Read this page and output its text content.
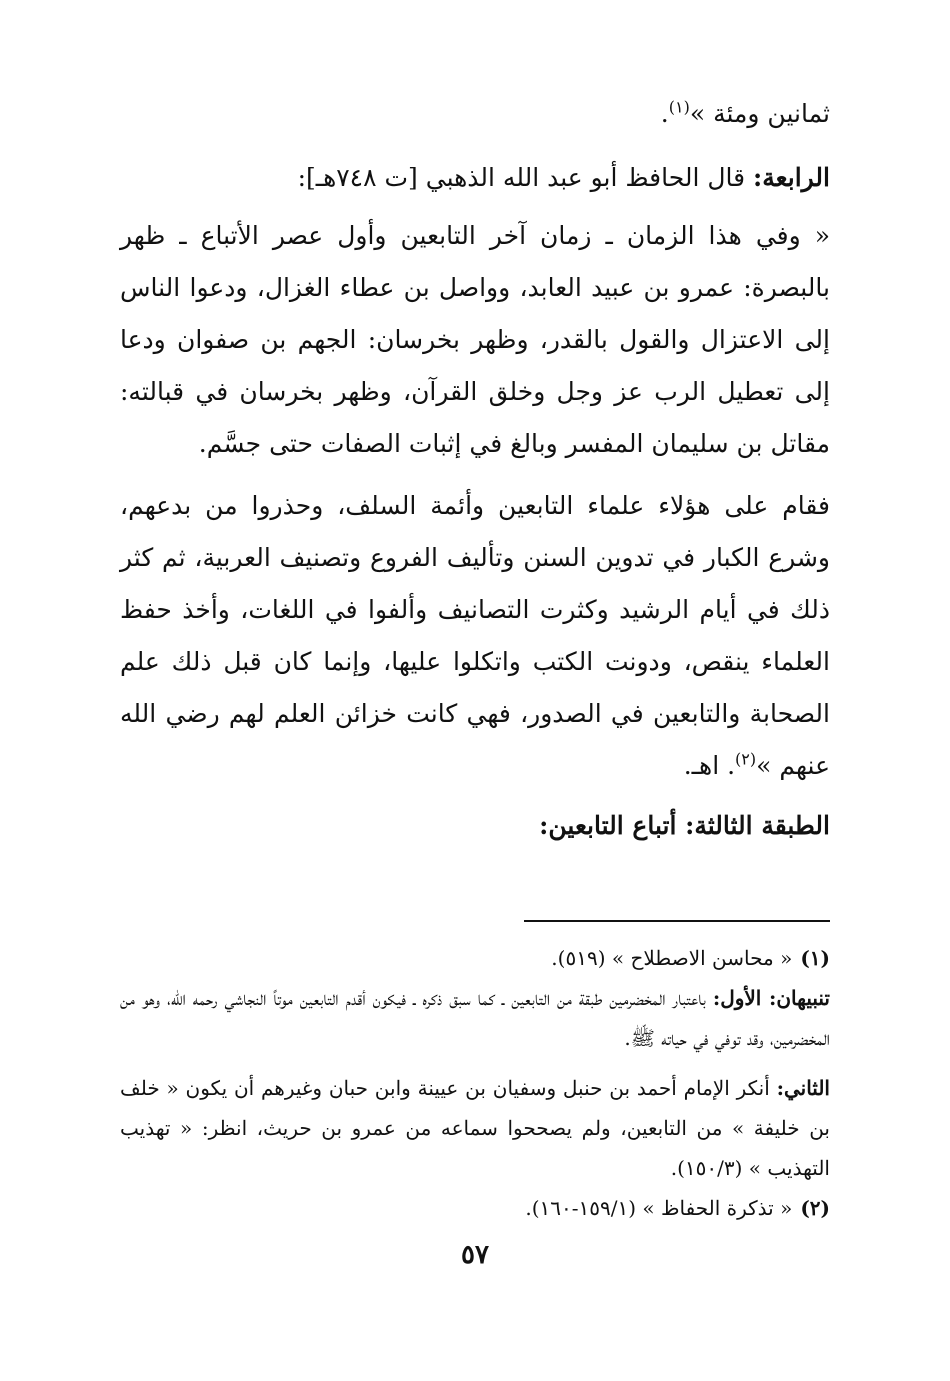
ثمانين ومئة »$^{(١)}$.

الرابعة: قال الحافظ أبو عبد الله الذهبي [ت ٧٤٨هـ]:

« وفي هذا الزمان ـ زمان آخر التابعين وأول عصر الأتباع ـ ظهر بالبصرة: عمرو بن عبيد العابد، وواصل بن عطاء الغزال، ودعوا الناس إلى الاعتزال والقول بالقدر، وظهر بخرسان: الجهم بن صفوان ودعا إلى تعطيل الرب عز وجل وخلق القرآن، وظهر بخرسان في قبالته: مقاتل بن سليمان المفسر وبالغ في إثبات الصفات حتى جسَّم.

فقام على هؤلاء علماء التابعين وأئمة السلف، وحذروا من بدعهم، وشرع الكبار في تدوين السنن وتأليف الفروع وتصنيف العربية، ثم كثر ذلك في أيام الرشيد وكثرت التصانيف وألفوا في اللغات، وأخذ حفظ العلماء ينقص، ودونت الكتب واتكلوا عليها، وإنما كان قبل ذلك علم الصحابة والتابعين في الصدور، فهي كانت خزائن العلم لهم رضي الله عنهم »$^{(٢)}$. اهـ.

الطبقة الثالثة: أتباع التابعين:

(١)« محاسن الاصطلاح » (٥١٩).

تنبيهان: الأول: باعتبار المخضرمين طبقة من التابعين ـ كما سبق ذكره ـ فيكون أقدم التابعين موتاً النجاشي رحمه الله، وهو من المخضرمين، وقد توفي في حياته ﷺ.

الثاني: أنكر الإمام أحمد بن حنبل وسفيان بن عيينة وابن حبان وغيرهم أن يكون « خلف بن خليفة » من التابعين، ولم يصححوا سماعه من عمرو بن حريث، انظر: « تهذيب التهذيب » (١٥٠/٣).

(٢)« تذكرة الحفاظ » (١٥٩/١-١٦٠).

٥٧
